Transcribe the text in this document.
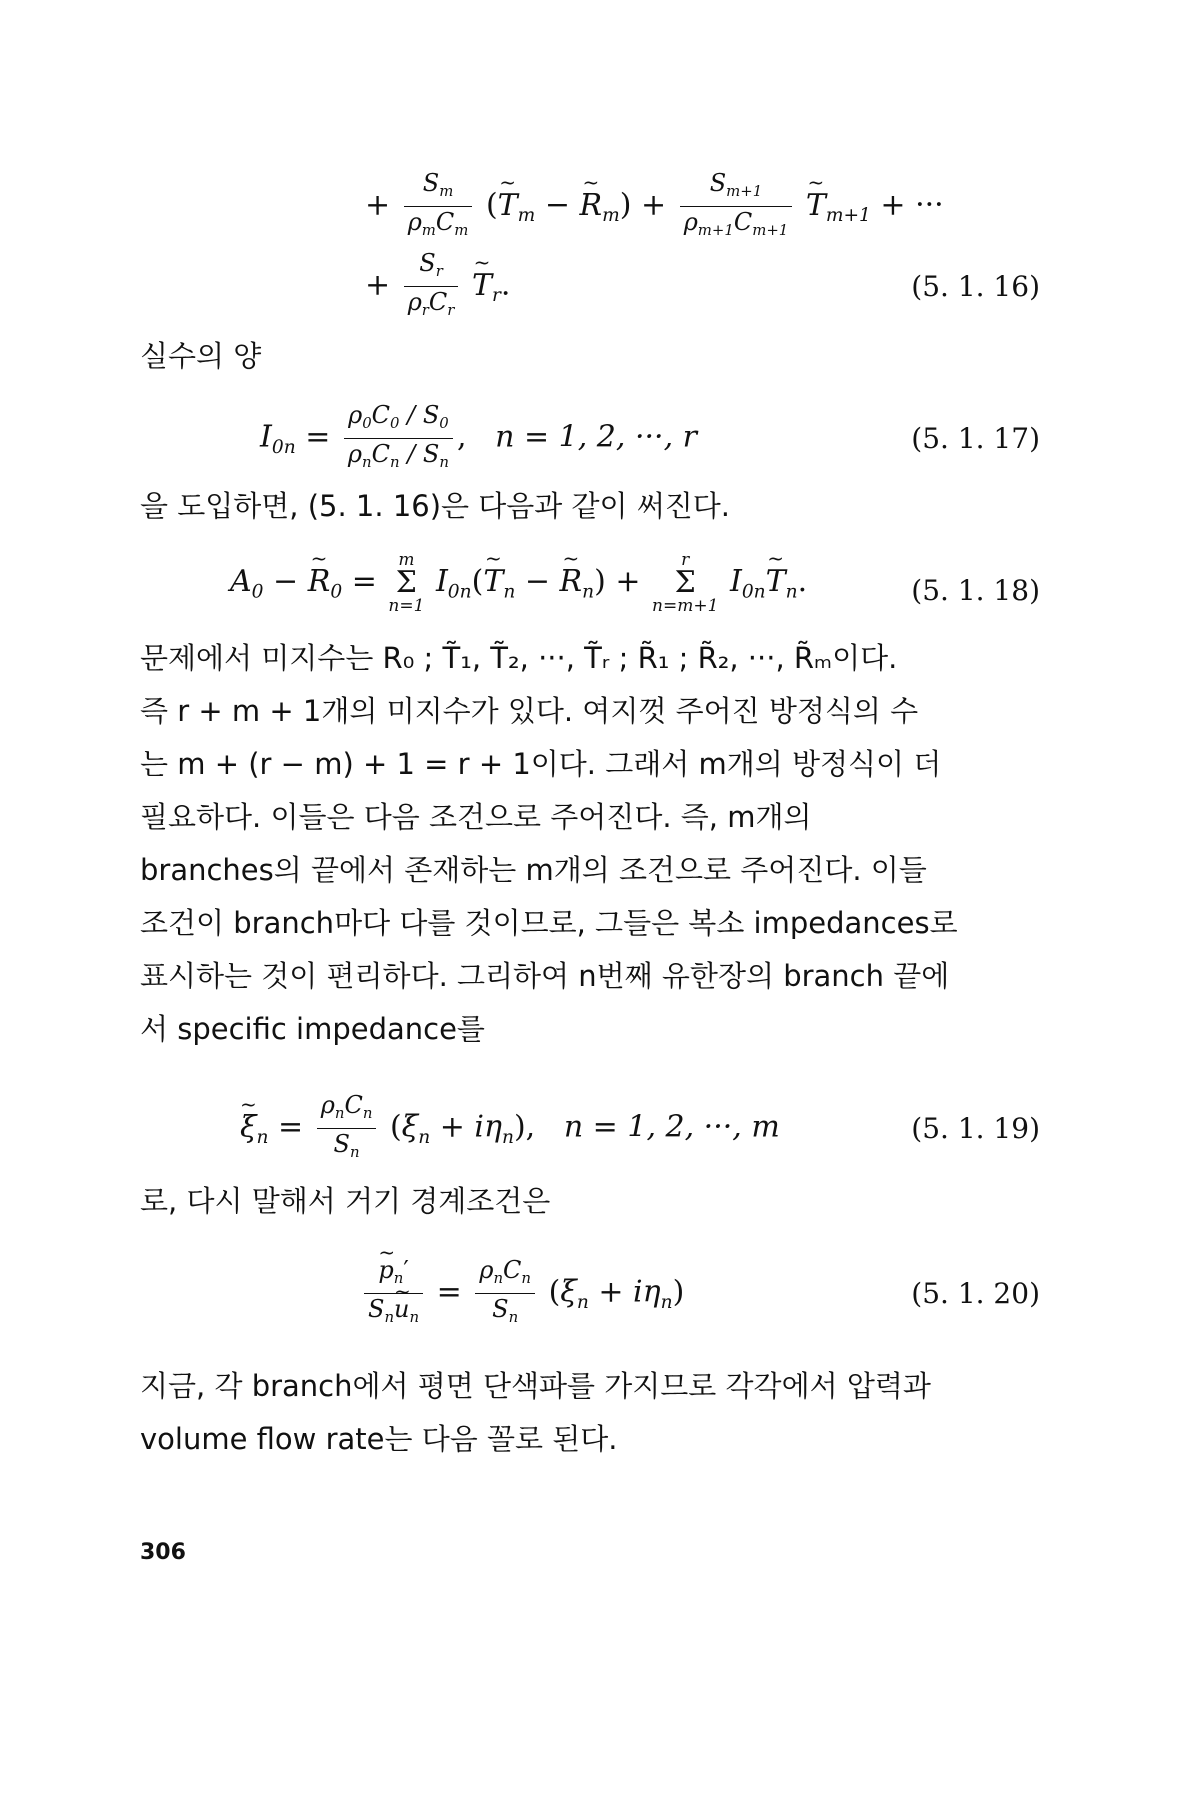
+ $\frac{S_m}{\rho_mC_m}$ (~ $T_m$ − ~ $R_m) + \frac{S_{m+1}}{\rho_{m+1}C_{m+1}}$ ~ $T_{m+1}$ + ···
+ $\frac{S_r}{\rho_rC_r}$ ~ $T_r$.	(5. 1. 16)
실수의 양
$I_{0n} = \frac{\rho_0C_0 / S_0}{\rho_nC_n / S_n}$ ,   n = 1, 2, ···, r	(5. 1. 17)
을 도입하면, (5. 1. 16)은 다음과 같이 써진다.
$A_0$ − ~ $R_0$ =
m
Σ
n=1
$I_{0n}(\sim$ $T_n$ − ~ $R_n$) +
r
Σ
n=m+1
$I_{0n}\sim$ $T_n$.	(5. 1. 18)
문제에서 미지수는 R₀ ; T̃₁, T̃₂, ···, T̃ᵣ ; R̃₁ ; R̃₂, ···, R̃ₘ이다.
즉 r + m + 1개의 미지수가 있다. 여지껏 주어진 방정식의 수
는 m + (r − m) + 1 = r + 1이다. 그래서 m개의 방정식이 더
필요하다. 이들은 다음 조건으로 주어진다. 즉, m개의
branches의 끝에서 존재하는 m개의 조건으로 주어진다. 이들
조건이 branch마다 다를 것이므로, 그들은 복소 impedances로
표시하는 것이 편리하다. 그리하여 n번째 유한장의 branch 끝에
서 specific impedance를
~ $\xi_n = \frac{\rho_nC_n}{S_n} (\xi_n + i\eta_n)$,   n = 1, 2, ···, m	(5. 1. 19)
로, 다시 말해서 거기 경계조건은
~ $\frac{p_n'}{S_n\sim u_n} = \frac{\rho_nC_n}{S_n} (\xi_n + i\eta_n)$	(5. 1. 20)
지금, 각 branch에서 평면 단색파를 가지므로 각각에서 압력과
volume flow rate는 다음 꼴로 된다.
306
